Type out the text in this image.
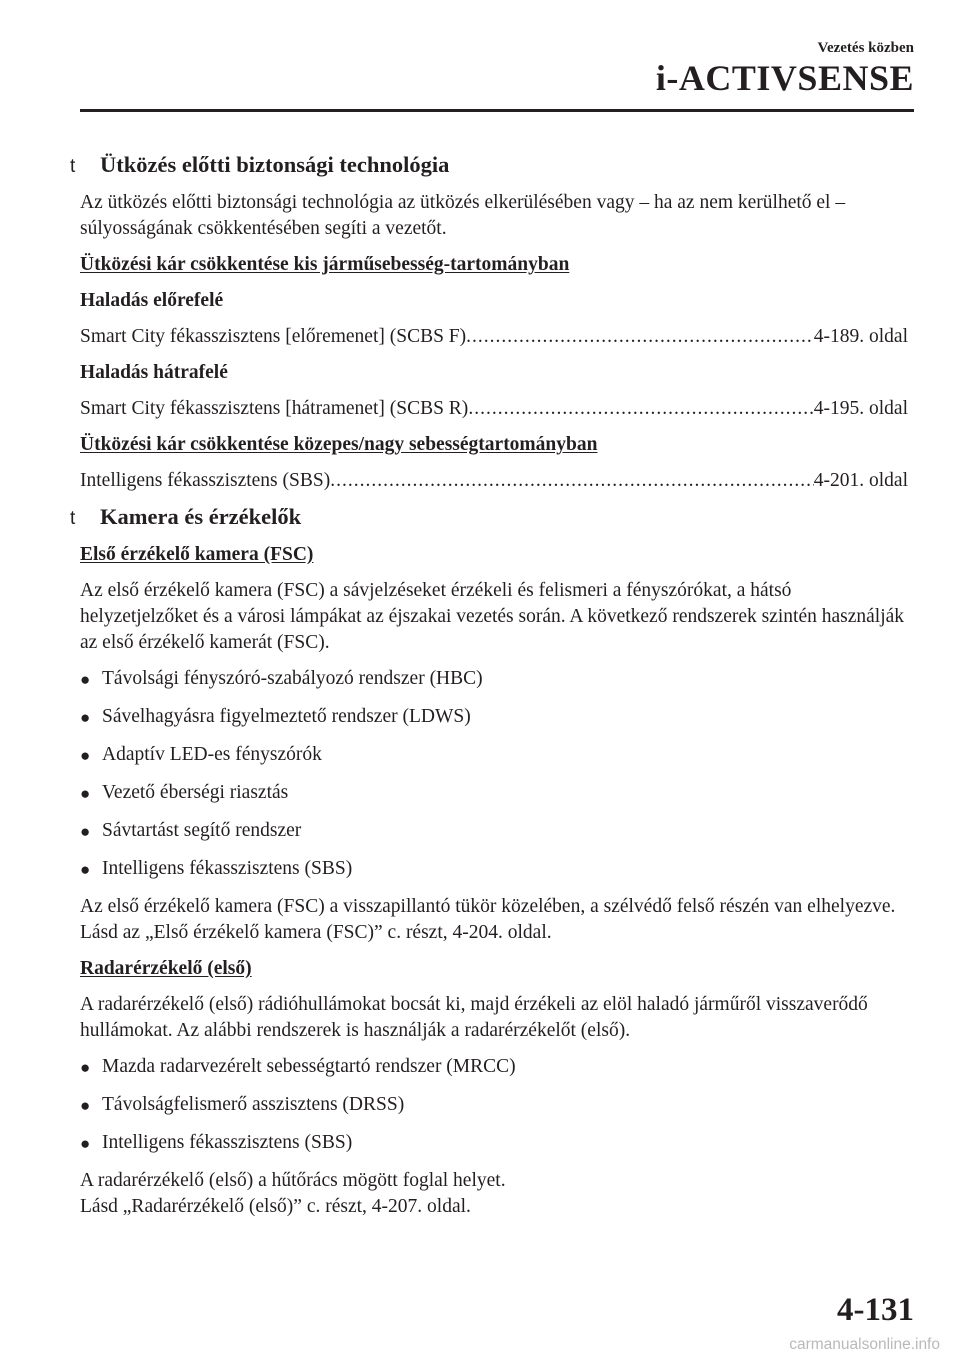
Vezetés közben
i-ACTIVSENSE
t	Ütközés előtti biztonsági technológia
Az ütközés előtti biztonsági technológia az ütközés elkerülésében vagy – ha az nem kerülhető el – súlyosságának csökkentésében segíti a vezetőt.
Ütközési kár csökkentése kis járműsebesség-tartományban
Haladás előrefelé
Smart City fékasszisztens [előremenet] (SCBS F) .....	4-189. oldal
Haladás hátrafelé
Smart City fékasszisztens [hátramenet] (SCBS R) .....	4-195. oldal
Ütközési kár csökkentése közepes/nagy sebességtartományban
Intelligens fékasszisztens (SBS) .....	4-201. oldal
t	Kamera és érzékelők
Első érzékelő kamera (FSC)
Az első érzékelő kamera (FSC) a sávjelzéseket érzékeli és felismeri a fényszórókat, a hátsó helyzetjelzőket és a városi lámpákat az éjszakai vezetés során. A következő rendszerek szintén használják az első érzékelő kamerát (FSC).
● Távolsági fényszóró-szabályozó rendszer (HBC)
● Sávelhagyásra figyelmeztető rendszer (LDWS)
● Adaptív LED-es fényszórók
● Vezető éberségi riasztás
● Sávtartást segítő rendszer
● Intelligens fékasszisztens (SBS)
Az első érzékelő kamera (FSC) a visszapillantó tükör közelében, a szélvédő felső részén van elhelyezve.
Lásd az „Első érzékelő kamera (FSC)” c. részt, 4-204. oldal.
Radarérzékelő (első)
A radarérzékelő (első) rádióhullámokat bocsát ki, majd érzékeli az elöl haladó járműről visszaverődő hullámokat. Az alábbi rendszerek is használják a radarérzékelőt (első).
● Mazda radarvezérelt sebességtartó rendszer (MRCC)
● Távolságfelismerő asszisztens (DRSS)
● Intelligens fékasszisztens (SBS)
A radarérzékelő (első) a hűtőrács mögött foglal helyet.
Lásd „Radarérzékelő (első)” c. részt, 4-207. oldal.
4-131
carmanualsonline.info
